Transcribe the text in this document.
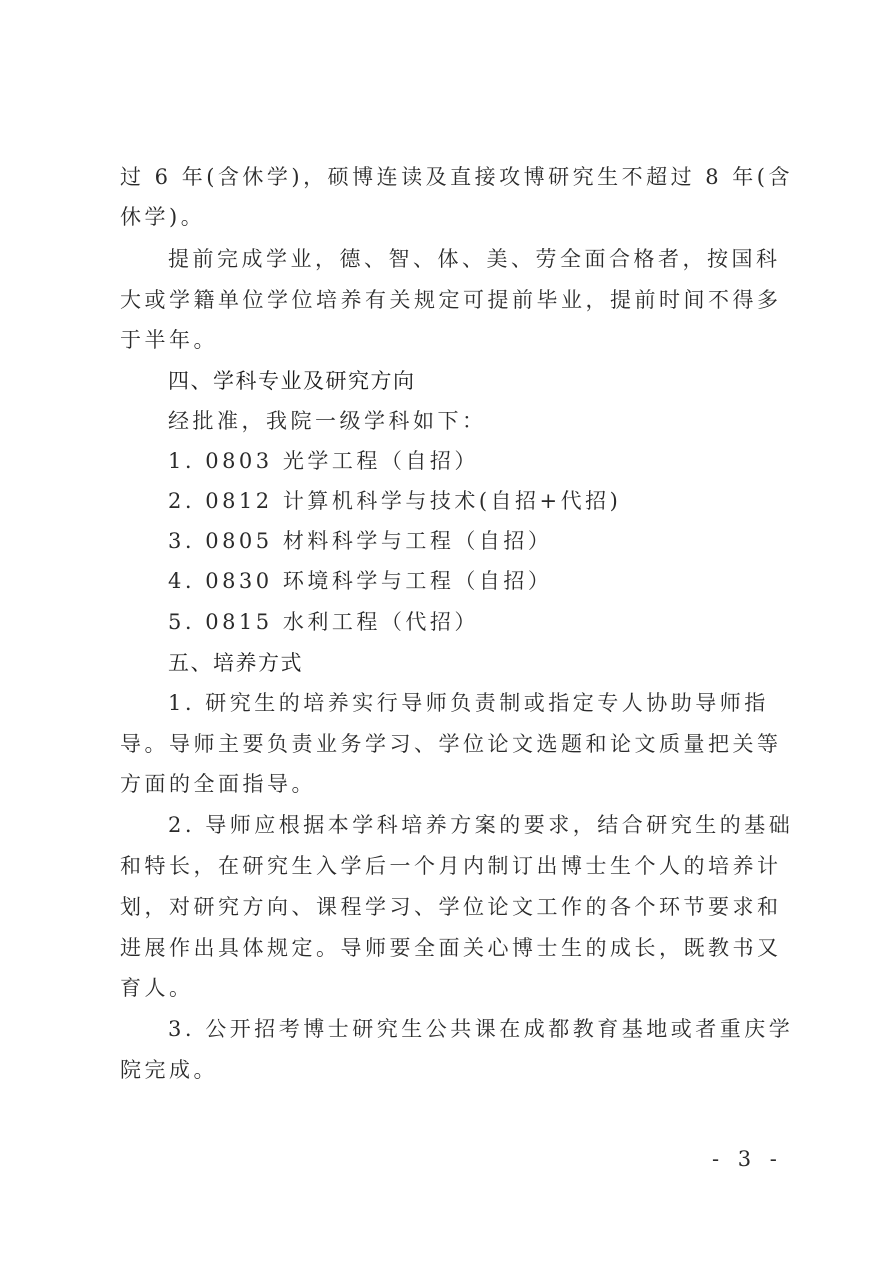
过 6 年(含休学)，硕博连读及直接攻博研究生不超过 8 年(含
休学)。
提前完成学业，德、智、体、美、劳全面合格者，按国科
大或学籍单位学位培养有关规定可提前毕业，提前时间不得多
于半年。
四、学科专业及研究方向
经批准，我院一级学科如下：
1. 0803 光学工程（自招）
2. 0812 计算机科学与技术(自招+代招)
3. 0805 材料科学与工程（自招）
4. 0830 环境科学与工程（自招）
5. 0815 水利工程（代招）
五、培养方式
1. 研究生的培养实行导师负责制或指定专人协助导师指
导。导师主要负责业务学习、学位论文选题和论文质量把关等
方面的全面指导。
2. 导师应根据本学科培养方案的要求，结合研究生的基础
和特长，在研究生入学后一个月内制订出博士生个人的培养计
划，对研究方向、课程学习、学位论文工作的各个环节要求和
进展作出具体规定。导师要全面关心博士生的成长，既教书又
育人。
3. 公开招考博士研究生公共课在成都教育基地或者重庆学
院完成。
- 3 -
